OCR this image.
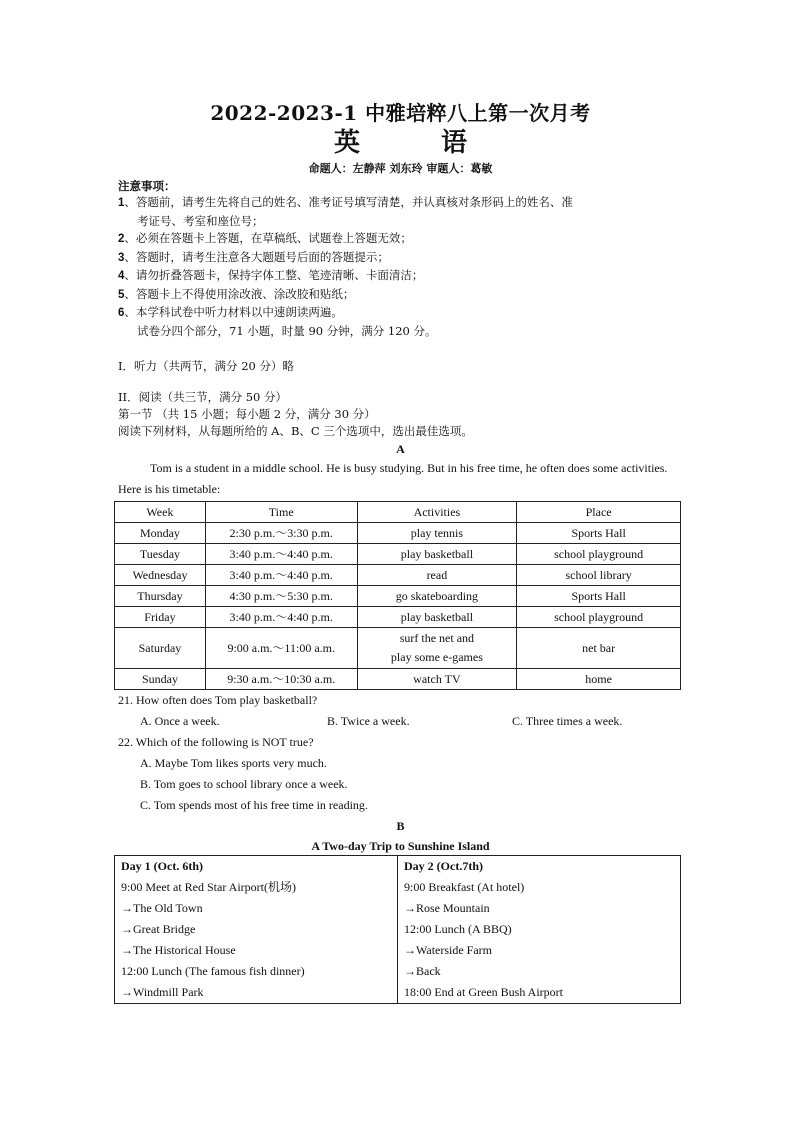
2022-2023-1 中雅培粹八上第一次月考
英 语
命题人：左静萍 刘东玲 审题人：葛敏
注意事项：
1、答题前，请考生先将自己的姓名、准考证号填写清楚，并认真核对条形码上的姓名、准
考证号、考室和座位号；
2、必须在答题卡上答题，在草稿纸、试题卷上答题无效；
3、答题时，请考生注意各大题题号后面的答题提示；
4、请勿折叠答题卡，保持字体工整、笔迹清晰、卡面清洁；
5、答题卡上不得使用涂改液、涂改胶和贴纸；
6、本学科试卷中听力材料以中速朗读两遍。
试卷分四个部分，71 小题，时量 90 分钟，满分 120 分。
I．听力（共两节，满分 20 分）略
II．阅读（共三节，满分 50 分）
第一节 （共 15 小题；每小题 2 分，满分 30 分）
阅读下列材料，从每题所给的 A、B、C 三个选项中，选出最佳选项。
A

Tom is a student in a middle school. He is busy studying. But in his free time, he often does some activities. Here is his timetable:

Week	Time	Activities	Place
Monday	2:30 p.m.～3:30 p.m.	play tennis	Sports Hall
Tuesday	3:40 p.m.～4:40 p.m.	play basketball	school playground
Wednesday	3:40 p.m.～4:40 p.m.	read	school library
Thursday	4:30 p.m.～5:30 p.m.	go skateboarding	Sports Hall
Friday	3:40 p.m.～4:40 p.m.	play basketball	school playground
Saturday	9:00 a.m.～11:00 a.m.	surf the net and
play some e-games	net bar
Sunday	9:30 a.m.～10:30 a.m.	watch TV	home
21. How often does Tom play basketball?
A. Once a week.	B. Twice a week.	C. Three times a week.
22. Which of the following is NOT true?
A. Maybe Tom likes sports very much.
B. Tom goes to school library once a week.
C. Tom spends most of his free time in reading.
B
A Two-day Trip to Sunshine Island
Day 1 (Oct. 6th)
9:00 Meet at Red Star Airport(机场)
→The Old Town
→Great Bridge
→The Historical House
12:00 Lunch (The famous fish dinner)
→Windmill Park

Day 2 (Oct.7th)
9:00 Breakfast (At hotel)
→Rose Mountain
12:00 Lunch (A BBQ)
→Waterside Farm
→Back
18:00 End at Green Bush Airport
